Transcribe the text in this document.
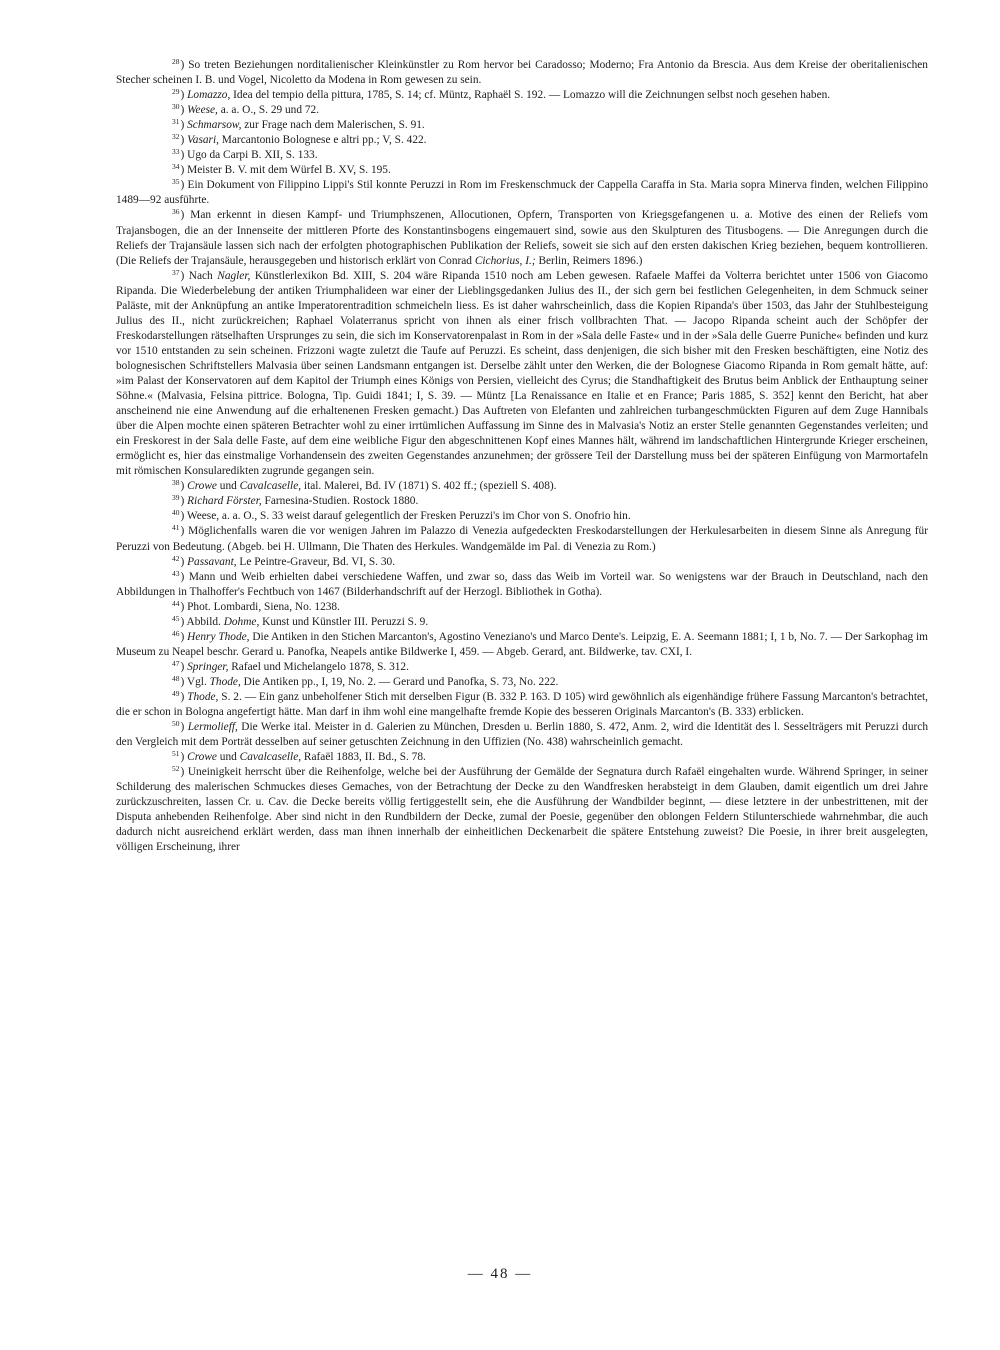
$^{28}$) So treten Beziehungen norditalienischer Kleinkünstler zu Rom hervor bei Caradosso; Moderno; Fra Antonio da Brescia. Aus dem Kreise der oberitalienischen Stecher scheinen I. B. und Vogel, Nicoletto da Modena in Rom gewesen zu sein.

$^{29}$) Lomazzo, Idea del tempio della pittura, 1785, S. 14; cf. Müntz, Raphaël S. 192. — Lomazzo will die Zeichnungen selbst noch gesehen haben.

$^{30}$) Weese, a. a. O., S. 29 und 72.

$^{31}$) Schmarsow, zur Frage nach dem Malerischen, S. 91.

$^{32}$) Vasari, Marcantonio Bolognese e altri pp.; V, S. 422.

$^{33}$) Ugo da Carpi B. XII, S. 133.

$^{34}$) Meister B. V. mit dem Würfel B. XV, S. 195.

$^{35}$) Ein Dokument von Filippino Lippi's Stil konnte Peruzzi in Rom im Freskenschmuck der Cappella Caraffa in Sta. Maria sopra Minerva finden, welchen Filippino 1489—92 ausführte.

$^{36}$) Man erkennt in diesen Kampf- und Triumphszenen, Allocutionen, Opfern, Transporten von Kriegsgefangenen u. a. Motive des einen der Reliefs vom Trajansbogen, die an der Innenseite der mittleren Pforte des Konstantinsbogens eingemauert sind, sowie aus den Skulpturen des Titusbogens. — Die Anregungen durch die Reliefs der Trajansäule lassen sich nach der erfolgten photographischen Publikation der Reliefs, soweit sie sich auf den ersten dakischen Krieg beziehen, bequem kontrollieren. (Die Reliefs der Trajansäule, herausgegeben und historisch erklärt von Conrad Cichorius, I.; Berlin, Reimers 1896.)

$^{37}$) Nach Nagler, Künstlerlexikon Bd. XIII, S. 204 wäre Ripanda 1510 noch am Leben gewesen. Rafaele Maffei da Volterra berichtet unter 1506 von Giacomo Ripanda. Die Wiederbelebung der antiken Triumphalideen war einer der Lieblingsgedanken Julius des II., der sich gern bei festlichen Gelegenheiten, in dem Schmuck seiner Paläste, mit der Anknüpfung an antike Imperatorentradition schmeicheln liess. Es ist daher wahrscheinlich, dass die Kopien Ripanda's über 1503, das Jahr der Stuhlbesteigung Julius des II., nicht zurückreichen; Raphael Volaterranus spricht von ihnen als einer frisch vollbrachten That. — Jacopo Ripanda scheint auch der Schöpfer der Freskodarstellungen rätselhaften Ursprunges zu sein, die sich im Konservatorenpalast in Rom in der »Sala delle Faste« und in der »Sala delle Guerre Puniche« befinden und kurz vor 1510 entstanden zu sein scheinen. Frizzoni wagte zuletzt die Taufe auf Peruzzi. Es scheint, dass denjenigen, die sich bisher mit den Fresken beschäftigten, eine Notiz des bolognesischen Schriftstellers Malvasia über seinen Landsmann entgangen ist. Derselbe zählt unter den Werken, die der Bolognese Giacomo Ripanda in Rom gemalt hätte, auf: »im Palast der Konservatoren auf dem Kapitol der Triumph eines Königs von Persien, vielleicht des Cyrus; die Standhaftigkeit des Brutus beim Anblick der Enthauptung seiner Söhne.« (Malvasia, Felsina pittrice. Bologna, Tip. Guidi 1841; I, S. 39. — Müntz [La Renaissance en Italie et en France; Paris 1885, S. 352] kennt den Bericht, hat aber anscheinend nie eine Anwendung auf die erhaltenenen Fresken gemacht.) Das Auftreten von Elefanten und zahlreichen turbangeschmückten Figuren auf dem Zuge Hannibals über die Alpen mochte einen späteren Betrachter wohl zu einer irrtümlichen Auffassung im Sinne des in Malvasia's Notiz an erster Stelle genannten Gegenstandes verleiten; und ein Freskorest in der Sala delle Faste, auf dem eine weibliche Figur den abgeschnittenen Kopf eines Mannes hält, während im landschaftlichen Hintergrunde Krieger erscheinen, ermöglicht es, hier das einstmalige Vorhandensein des zweiten Gegenstandes anzunehmen; der grössere Teil der Darstellung muss bei der späteren Einfügung von Marmortafeln mit römischen Konsularedikten zugrunde gegangen sein.

$^{38}$) Crowe und Cavalcaselle, ital. Malerei, Bd. IV (1871) S. 402 ff.; (speziell S. 408).

$^{39}$) Richard Förster, Farnesina-Studien. Rostock 1880.

$^{40}$) Weese, a. a. O., S. 33 weist darauf gelegentlich der Fresken Peruzzi's im Chor von S. Onofrio hin.

$^{41}$) Möglichenfalls waren die vor wenigen Jahren im Palazzo di Venezia aufgedeckten Freskodarstellungen der Herkulesarbeiten in diesem Sinne als Anregung für Peruzzi von Bedeutung. (Abgeb. bei H. Ullmann, Die Thaten des Herkules. Wandgemälde im Pal. di Venezia zu Rom.)

$^{42}$) Passavant, Le Peintre-Graveur, Bd. VI, S. 30.

$^{43}$) Mann und Weib erhielten dabei verschiedene Waffen, und zwar so, dass das Weib im Vorteil war. So wenigstens war der Brauch in Deutschland, nach den Abbildungen in Thalhoffer's Fechtbuch von 1467 (Bilderhandschrift auf der Herzogl. Bibliothek in Gotha).

$^{44}$) Phot. Lombardi, Siena, No. 1238.

$^{45}$) Abbild. Dohme, Kunst und Künstler III. Peruzzi S. 9.

$^{46}$) Henry Thode, Die Antiken in den Stichen Marcanton's, Agostino Veneziano's und Marco Dente's. Leipzig, E. A. Seemann 1881; I, 1 b, No. 7. — Der Sarkophag im Museum zu Neapel beschr. Gerard u. Panofka, Neapels antike Bildwerke I, 459. — Abgeb. Gerard, ant. Bildwerke, tav. CXI, I.

$^{47}$) Springer, Rafael und Michelangelo 1878, S. 312.

$^{48}$) Vgl. Thode, Die Antiken pp., I, 19, No. 2. — Gerard und Panofka, S. 73, No. 222.

$^{49}$) Thode, S. 2. — Ein ganz unbeholfener Stich mit derselben Figur (B. 332 P. 163. D 105) wird gewöhnlich als eigenhändige frühere Fassung Marcanton's betrachtet, die er schon in Bologna angefertigt hätte. Man darf in ihm wohl eine mangelhafte fremde Kopie des besseren Originals Marcanton's (B. 333) erblicken.

$^{50}$) Lermolieff, Die Werke ital. Meister in d. Galerien zu München, Dresden u. Berlin 1880, S. 472, Anm. 2, wird die Identität des l. Sesselträgers mit Peruzzi durch den Vergleich mit dem Porträt desselben auf seiner getuschten Zeichnung in den Uffizien (No. 438) wahrscheinlich gemacht.

$^{51}$) Crowe und Cavalcaselle, Rafaël 1883, II. Bd., S. 78.

$^{52}$) Uneinigkeit herrscht über die Reihenfolge, welche bei der Ausführung der Gemälde der Segnatura durch Rafaël eingehalten wurde. Während Springer, in seiner Schilderung des malerischen Schmuckes dieses Gemaches, von der Betrachtung der Decke zu den Wandfresken herabsteigt in dem Glauben, damit eigentlich um drei Jahre zurückzuschreiten, lassen Cr. u. Cav. die Decke bereits völlig fertiggestellt sein, ehe die Ausführung der Wandbilder beginnt, — diese letztere in der unbestrittenen, mit der Disputa anhebenden Reihenfolge. Aber sind nicht in den Rundbildern der Decke, zumal der Poesie, gegenüber den oblongen Feldern Stilunterschiede wahrnehmbar, die auch dadurch nicht ausreichend erklärt werden, dass man ihnen innerhalb der einheitlichen Deckenarbeit die spätere Entstehung zuweist? Die Poesie, in ihrer breit ausgelegten, völligen Erscheinung, ihrer

— 48 —
